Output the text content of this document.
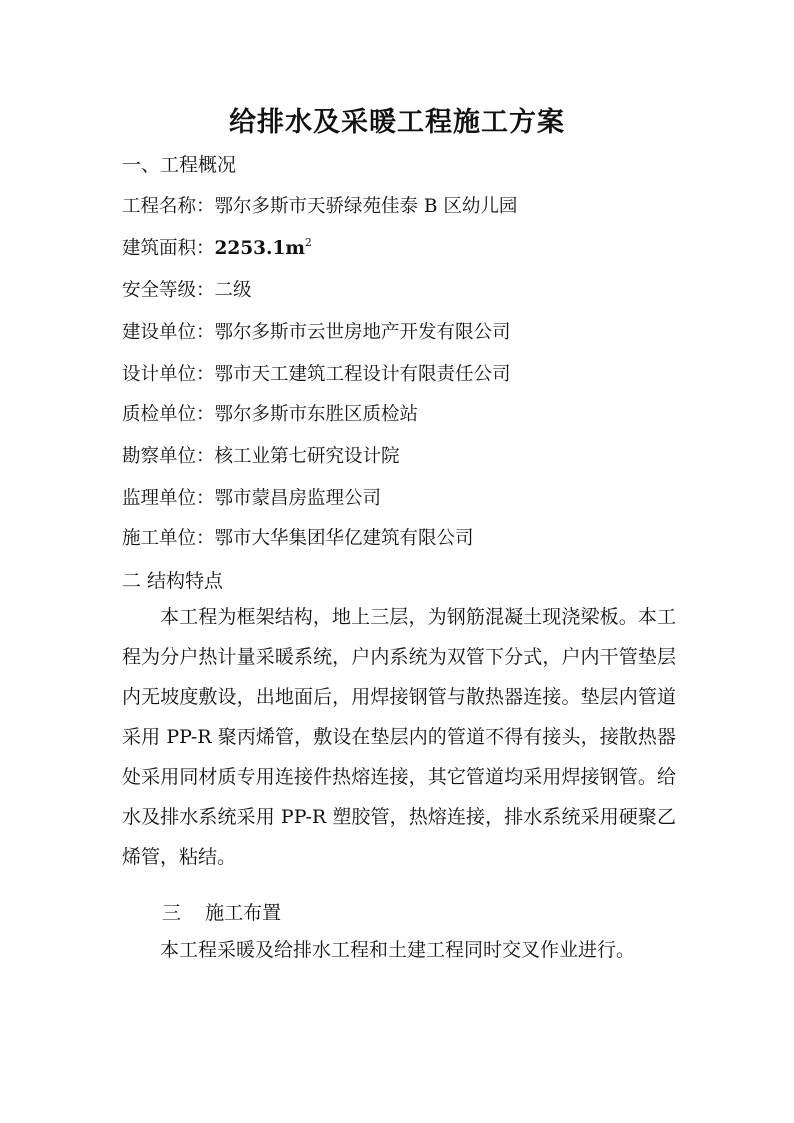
给排水及采暖工程施工方案
一、工程概况
工程名称：鄂尔多斯市天骄绿苑佳泰 B 区幼儿园
建筑面积：$2253.1m^2$
安全等级：二级
建设单位：鄂尔多斯市云世房地产开发有限公司
设计单位：鄂市天工建筑工程设计有限责任公司
质检单位：鄂尔多斯市东胜区质检站
勘察单位：核工业第七研究设计院
监理单位：鄂市蒙昌房监理公司
施工单位：鄂市大华集团华亿建筑有限公司
二 结构特点
本工程为框架结构，地上三层，为钢筋混凝土现浇梁板。本工程为分户热计量采暖系统，户内系统为双管下分式，户内干管垫层内无坡度敷设，出地面后，用焊接钢管与散热器连接。垫层内管道采用 PP-R 聚丙烯管，敷设在垫层内的管道不得有接头，接散热器处采用同材质专用连接件热熔连接，其它管道均采用焊接钢管。给水及排水系统采用 PP-R 塑胶管，热熔连接，排水系统采用硬聚乙烯管，粘结。
三    施工布置
本工程采暖及给排水工程和土建工程同时交叉作业进行。
